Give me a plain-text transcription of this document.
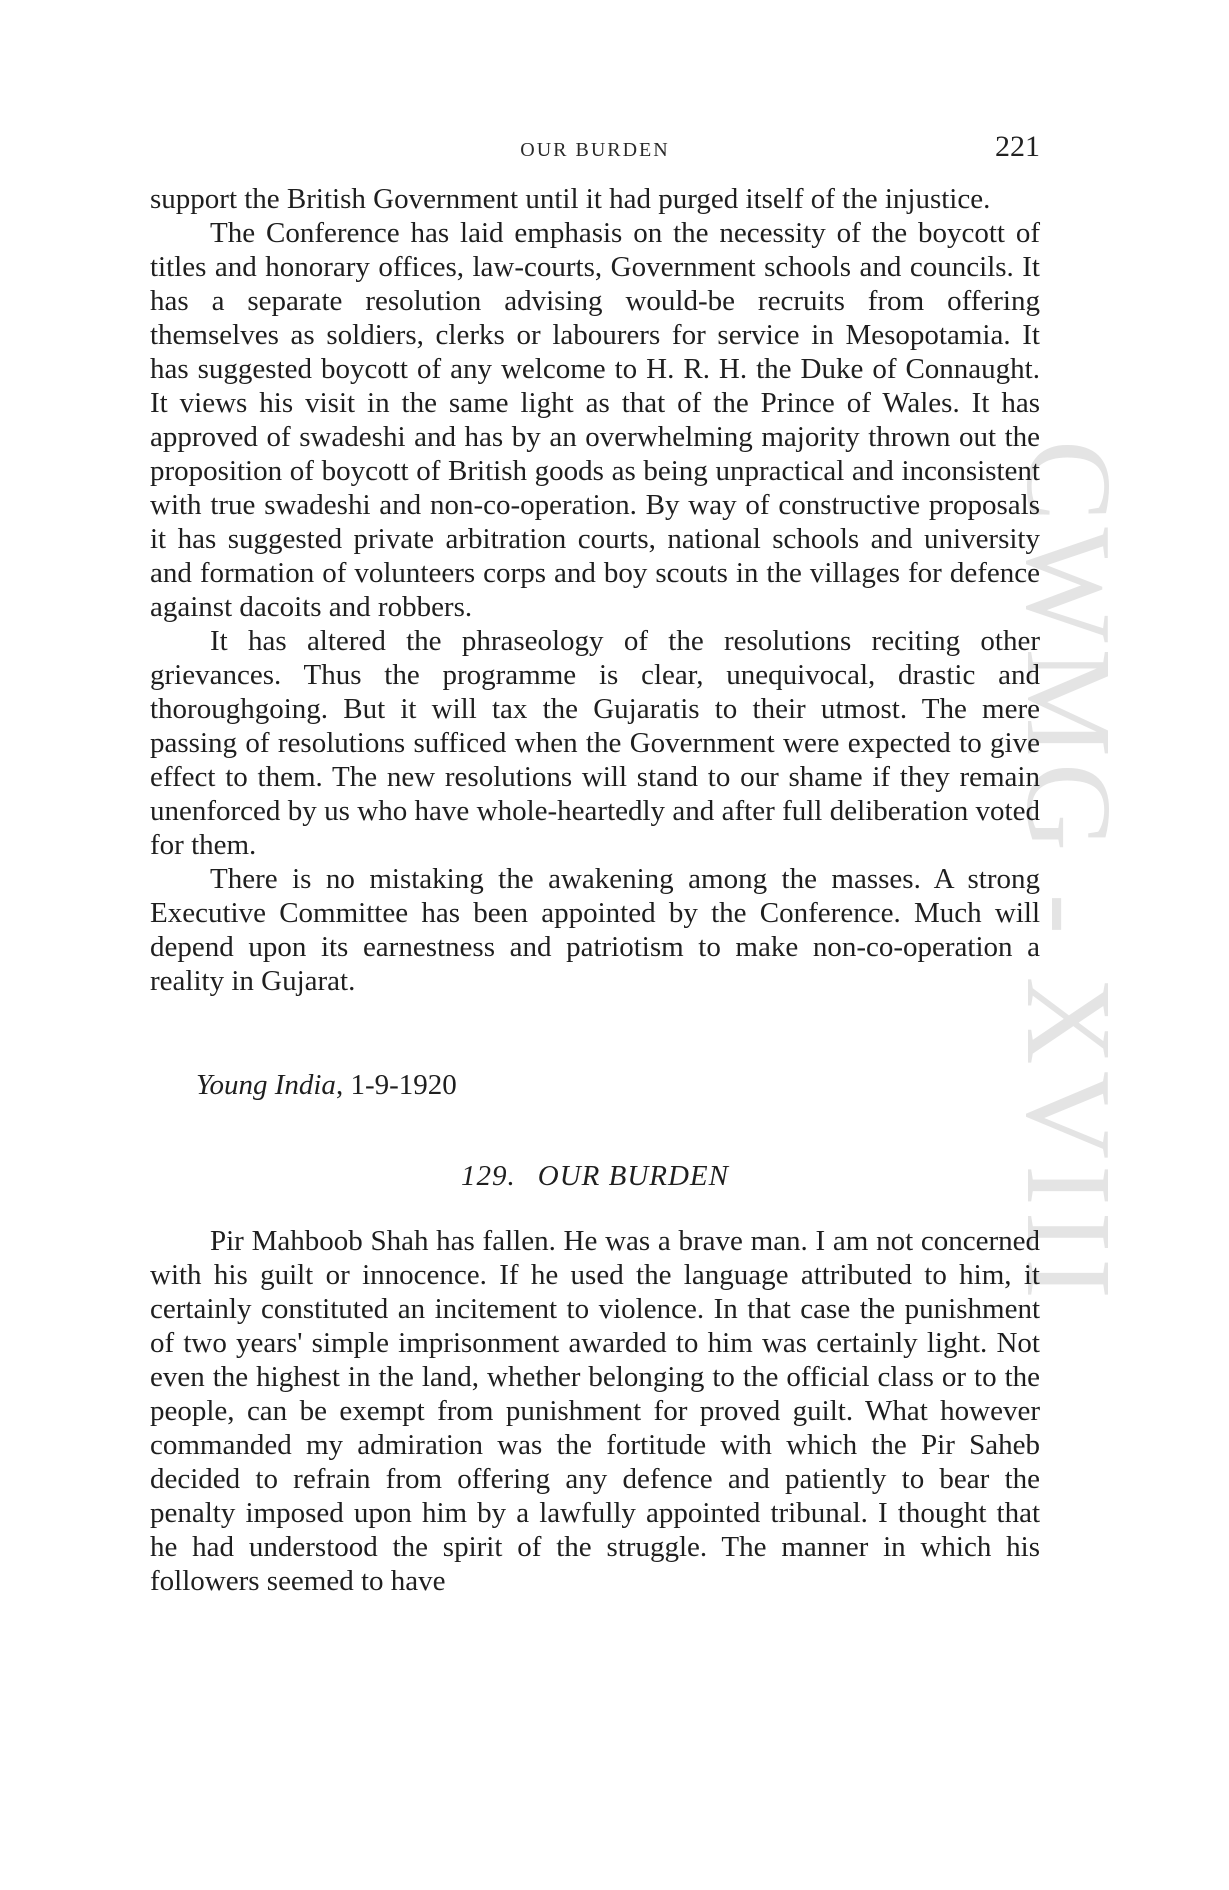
CWMG - XVIII
OUR BURDEN	221

support the British Government until it had purged itself of the injustice.

The Conference has laid emphasis on the necessity of the boycott of titles and honorary offices, law-courts, Government schools and councils. It has a separate resolution advising would-be recruits from offering themselves as soldiers, clerks or labourers for service in Mesopotamia. It has suggested boycott of any welcome to H. R. H. the Duke of Connaught. It views his visit in the same light as that of the Prince of Wales. It has approved of swadeshi and has by an overwhelming majority thrown out the proposition of boycott of British goods as being unpractical and inconsistent with true swadeshi and non-co-operation. By way of constructive proposals it has suggested private arbitration courts, national schools and university and formation of volunteers corps and boy scouts in the villages for defence against dacoits and robbers.

It has altered the phraseology of the resolutions reciting other grievances. Thus the programme is clear, unequivocal, drastic and thoroughgoing. But it will tax the Gujaratis to their utmost. The mere passing of resolutions sufficed when the Government were expected to give effect to them. The new resolutions will stand to our shame if they remain unenforced by us who have whole-heartedly and after full deliberation voted for them.

There is no mistaking the awakening among the masses. A strong Executive Committee has been appointed by the Conference. Much will depend upon its earnestness and patriotism to make non-co-operation a reality in Gujarat.

Young India, 1-9-1920
129. OUR BURDEN

Pir Mahboob Shah has fallen. He was a brave man. I am not concerned with his guilt or innocence. If he used the language attributed to him, it certainly constituted an incitement to violence. In that case the punishment of two years' simple imprisonment awarded to him was certainly light. Not even the highest in the land, whether belonging to the official class or to the people, can be exempt from punishment for proved guilt. What however commanded my admiration was the fortitude with which the Pir Saheb decided to refrain from offering any defence and patiently to bear the penalty imposed upon him by a lawfully appointed tribunal. I thought that he had understood the spirit of the struggle. The manner in which his followers seemed to have
